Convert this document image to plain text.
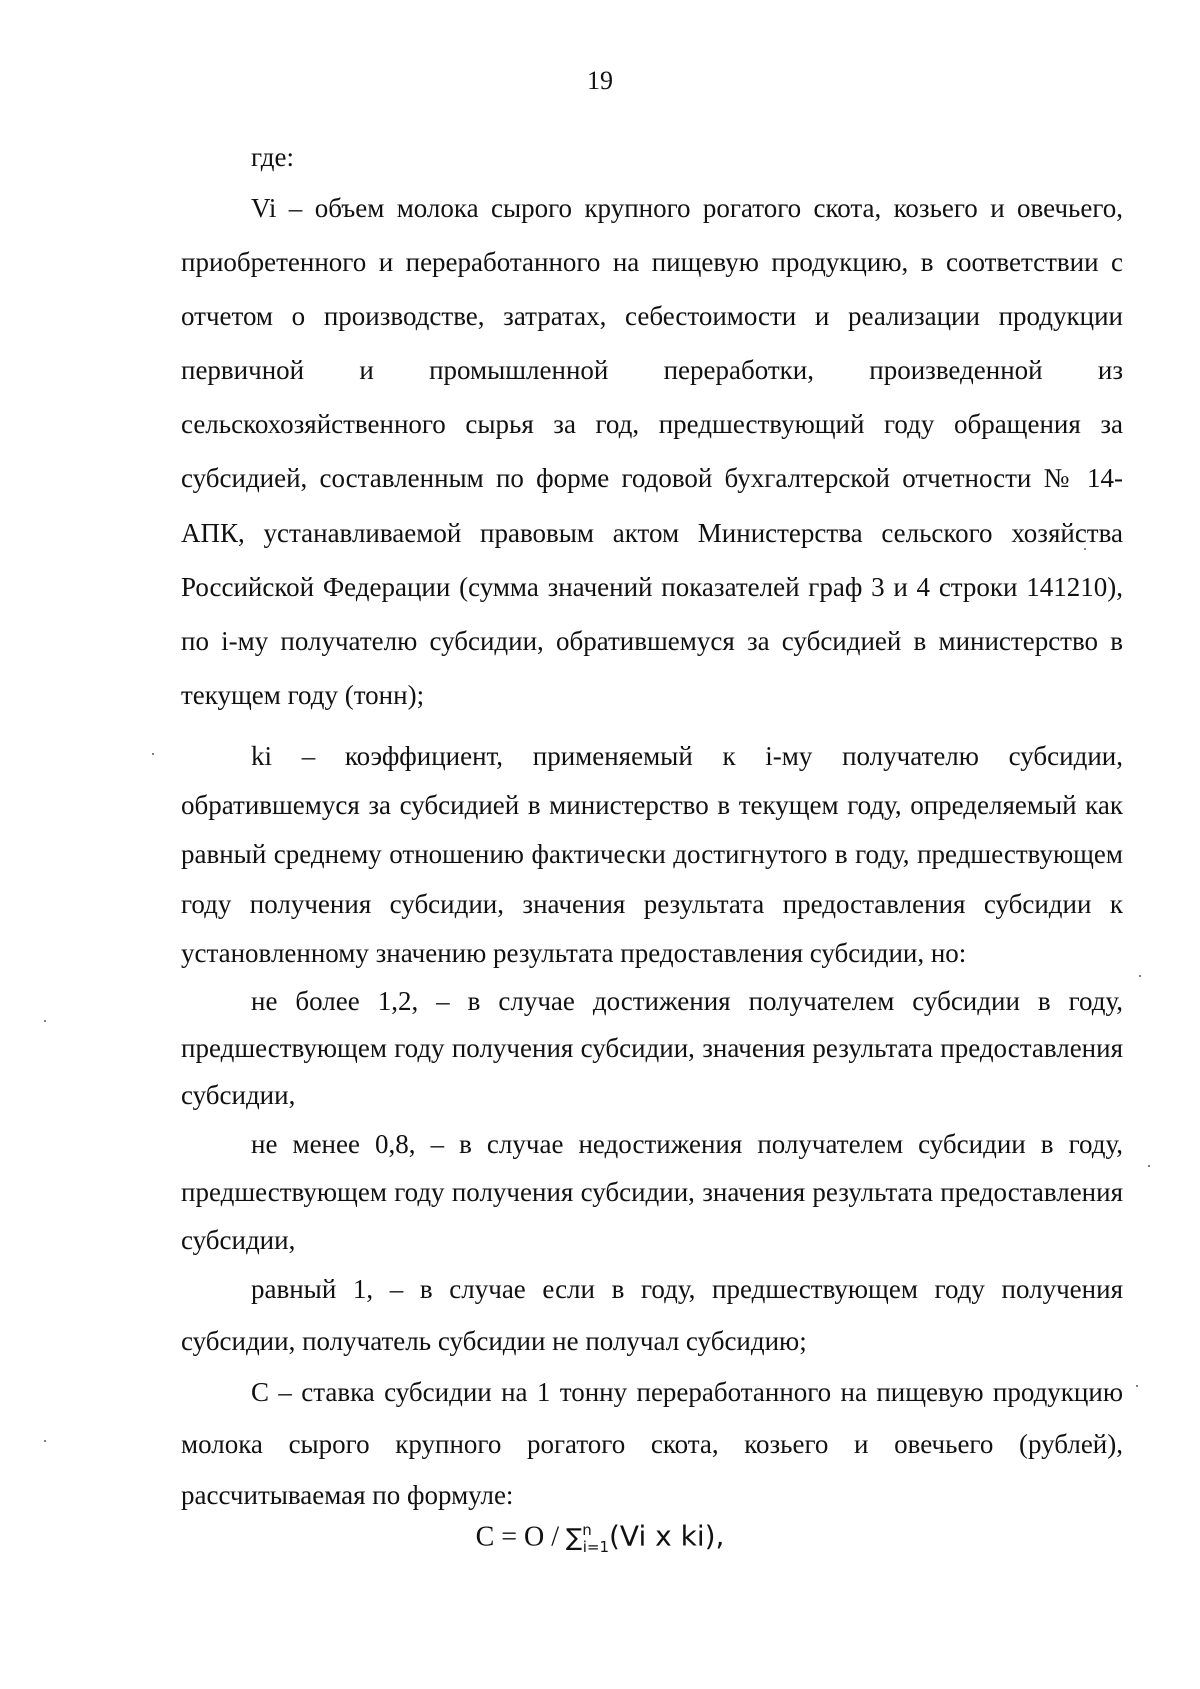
19

где:

Vi – объем молока сырого крупного рогатого скота, козьего и овечьего, приобретенного и переработанного на пищевую продукцию, в соответствии с отчетом о производстве, затратах, себестоимости и реализации продукции первичной и промышленной переработки, произведенной из сельскохозяйственного сырья за год, предшествующий году обращения за субсидией, составленным по форме годовой бухгалтерской отчетности № 14-АПК, устанавливаемой правовым актом Министерства сельского хозяйства Российской Федерации (сумма значений показателей граф 3 и 4 строки 141210), по i-му получателю субсидии, обратившемуся за субсидией в министерство в текущем году (тонн);

ki – коэффициент, применяемый к i-му получателю субсидии, обратившемуся за субсидией в министерство в текущем году, определяемый как равный среднему отношению фактически достигнутого в году, предшествующем году получения субсидии, значения результата предоставления субсидии к установленному значению результата предоставления субсидии, но:

не более 1,2, – в случае достижения получателем субсидии в году, предшествующем году получения субсидии, значения результата предоставления субсидии,

не менее 0,8, – в случае недостижения получателем субсидии в году, предшествующем году получения субсидии, значения результата предоставления субсидии,

равный 1, – в случае если в году, предшествующем году получения субсидии, получатель субсидии не получал субсидию;

С – ставка субсидии на 1 тонну переработанного на пищевую продукцию молока сырого крупного рогатого скота, козьего и овечьего (рублей), рассчитываемая по формуле:

C = O / ∑$^n_{i=1}$(Vi x ki),
